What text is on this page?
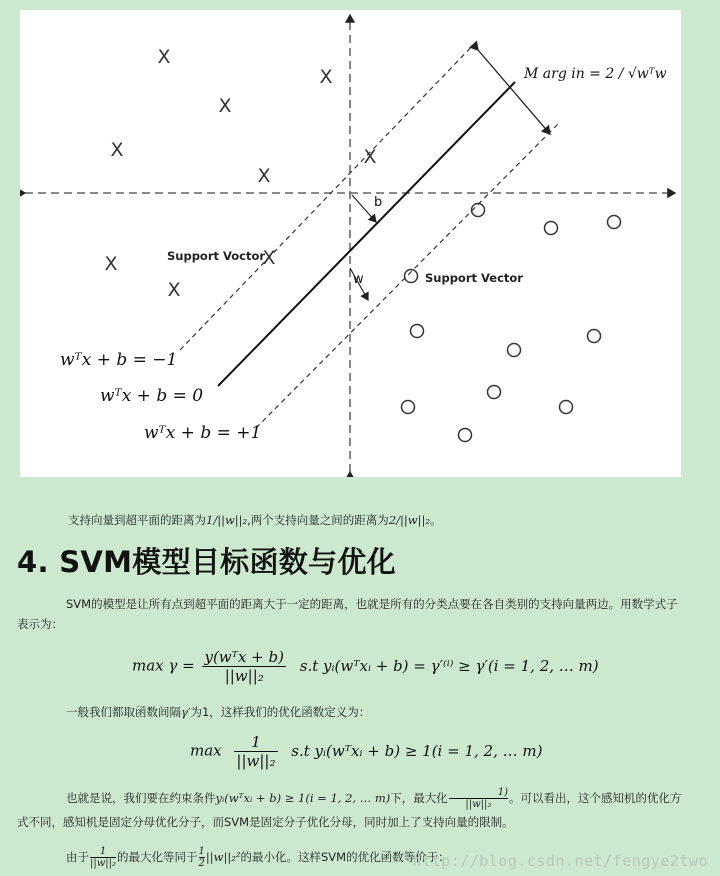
X
X
X
X	X
X
X	X
X
M arg in = 2 / √wᵀw
b
w
Support Voctor
Support Vector
wᵀx + b = −1
wᵀx + b = 0
wᵀx + b = +1
支持向量到超平面的距离为1/||w||₂,两个支持向量之间的距离为2/||w||₂。
4. SVM模型目标函数与优化
SVM的模型是让所有点到超平面的距离大于一定的距离，也就是所有的分类点要在各自类别的支持向量两边。用数学式子表示为：
$\max \gamma = \frac{\text{y(wᵀx + b)}}{\text{||w||₂}} s.t$ yᵢ(wᵀxᵢ + b) = γ′⁽ⁱ⁾ ≥ γ′(i = 1, 2, … m)
一般我们都取函数间隔γ′为1，这样我们的优化函数定义为：
$\max \frac{1}{\text{||w||₂}} s.t$ yᵢ(wᵀxᵢ + b) ≥ 1(i = 1, 2, … m)
也就是说，我们要在约束条件yᵢ(wᵀxᵢ + b) ≥ 1(i = 1, 2, … m)下，最大化 $\frac{1)}{\text{||w||₂}}$。可以看出，这个感知机的优化方式不同，感知机是固定分母优化分子，而SVM是固定分子优化分母，同时加上了支持向量的限制。
由于 $\frac{1}{\text{||w||₂}}$的最大化等同于 $\frac{1}{2}||w||_2^2$的最小化。这样SVM的优化函数等价于：
http://blog.csdn.net/fengye2two
